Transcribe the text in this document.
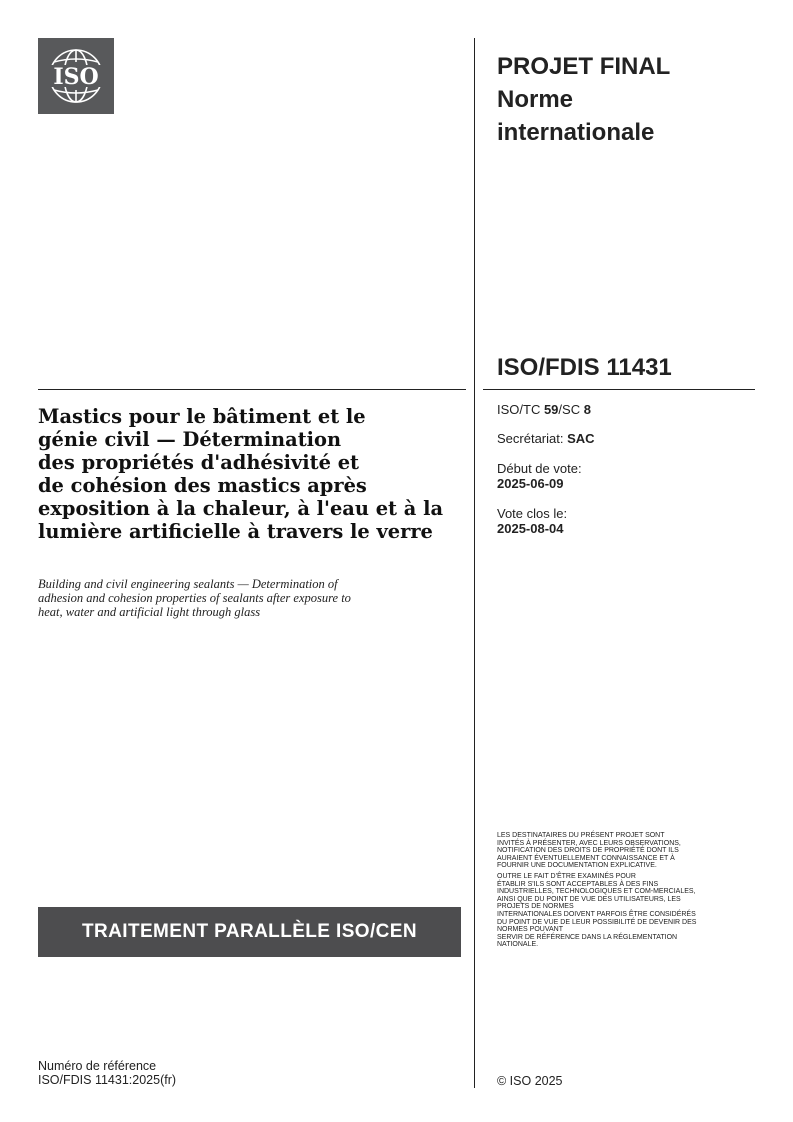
ISO	PROJET FINAL
Norme
internationale
ISO/FDIS 11431
ISO/TC 59/SC 8
Secrétariat: SAC
Début de vote:
2025-06-09
Vote clos le:
2025-08-04
Mastics pour le bâtiment et le
génie civil — Détermination
des propriétés d'adhésivité et
de cohésion des mastics après
exposition à la chaleur, à l'eau et à la
lumière artificielle à travers le verre
Building and civil engineering sealants — Determination of
adhesion and cohesion properties of sealants after exposure to
heat, water and artificial light through glass

LES DESTINATAIRES DU PRÉSENT PROJET SONT
INVITÉS À PRÉSENTER, AVEC LEURS OBSERVATIONS,
NOTIFICATION DES DROITS DE PROPRIÉTÉ DONT ILS
AURAIENT ÉVENTUELLEMENT CONNAISSANCE ET À
FOURNIR UNE DOCUMENTATION EXPLICATIVE.

OUTRE LE FAIT D'ÊTRE EXAMINÉS POUR
ÉTABLIR S'ILS SONT ACCEPTABLES À DES FINS
INDUSTRIELLES, TECHNOLOGIQUES ET COM-MERCIALES,
AINSI QUE DU POINT DE VUE DES UTILISATEURS, LES
PROJETS DE NORMES
INTERNATIONALES DOIVENT PARFOIS ÊTRE CONSIDÉRÉS
DU POINT DE VUE DE LEUR POSSIBILITÉ DE DEVENIR DES
NORMES POUVANT
SERVIR DE RÉFÉRENCE DANS LA RÉGLEMENTATION
NATIONALE.

TRAITEMENT PARALLÈLE ISO/CEN
Numéro de référence
ISO/FDIS 11431:2025(fr)	© ISO 2025
